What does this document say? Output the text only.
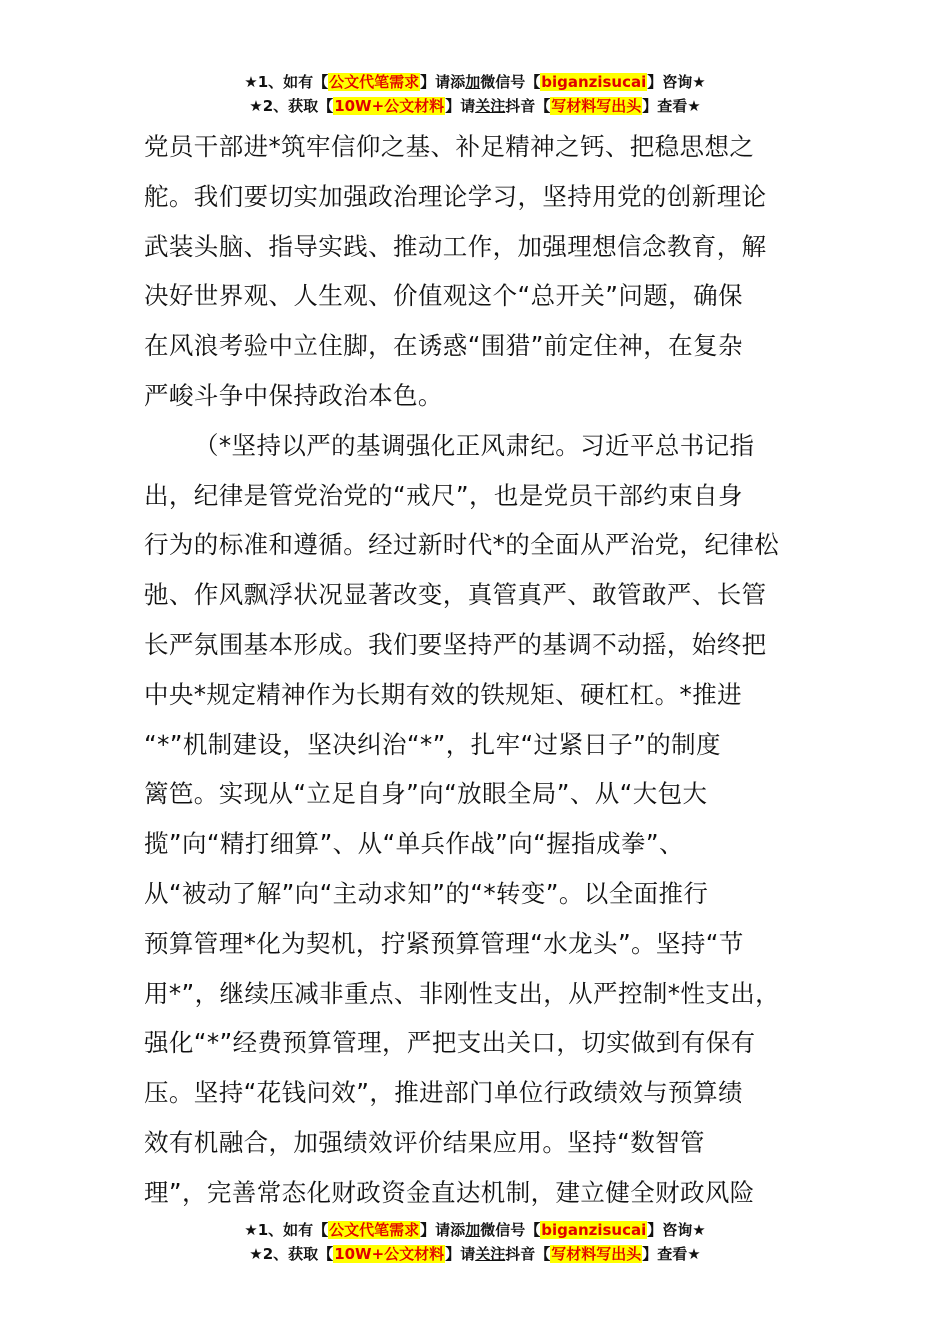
★1、如有【公文代笔需求】请添加微信号【biganzisucai】咨询★
★2、获取【10W+公文材料】请关注抖音【写材料写出头】查看★
党员干部进*筑牢信仰之基、补足精神之钙、把稳思想之
舵。我们要切实加强政治理论学习，坚持用党的创新理论
武装头脑、指导实践、推动工作，加强理想信念教育，解
决好世界观、人生观、价值观这个“总开关”问题，确保
在风浪考验中立住脚，在诱惑“围猎”前定住神，在复杂
严峻斗争中保持政治本色。
（*坚持以严的基调强化正风肃纪。习近平总书记指
出，纪律是管党治党的“戒尺”，也是党员干部约束自身
行为的标准和遵循。经过新时代*的全面从严治党，纪律松
弛、作风飘浮状况显著改变，真管真严、敢管敢严、长管
长严氛围基本形成。我们要坚持严的基调不动摇，始终把
中央*规定精神作为长期有效的铁规矩、硬杠杠。*推进
“*”机制建设，坚决纠治“*”，扎牢“过紧日子”的制度
篱笆。实现从“立足自身”向“放眼全局”、从“大包大
揽”向“精打细算”、从“单兵作战”向“握指成拳”、
从“被动了解”向“主动求知”的“*转变”。以全面推行
预算管理*化为契机，拧紧预算管理“水龙头”。坚持“节
用*”，继续压减非重点、非刚性支出，从严控制*性支出，
强化“*”经费预算管理，严把支出关口，切实做到有保有
压。坚持“花钱问效”，推进部门单位行政绩效与预算绩
效有机融合，加强绩效评价结果应用。坚持“数智管
理”，完善常态化财政资金直达机制，建立健全财政风险
★1、如有【公文代笔需求】请添加微信号【biganzisucai】咨询★
★2、获取【10W+公文材料】请关注抖音【写材料写出头】查看★
